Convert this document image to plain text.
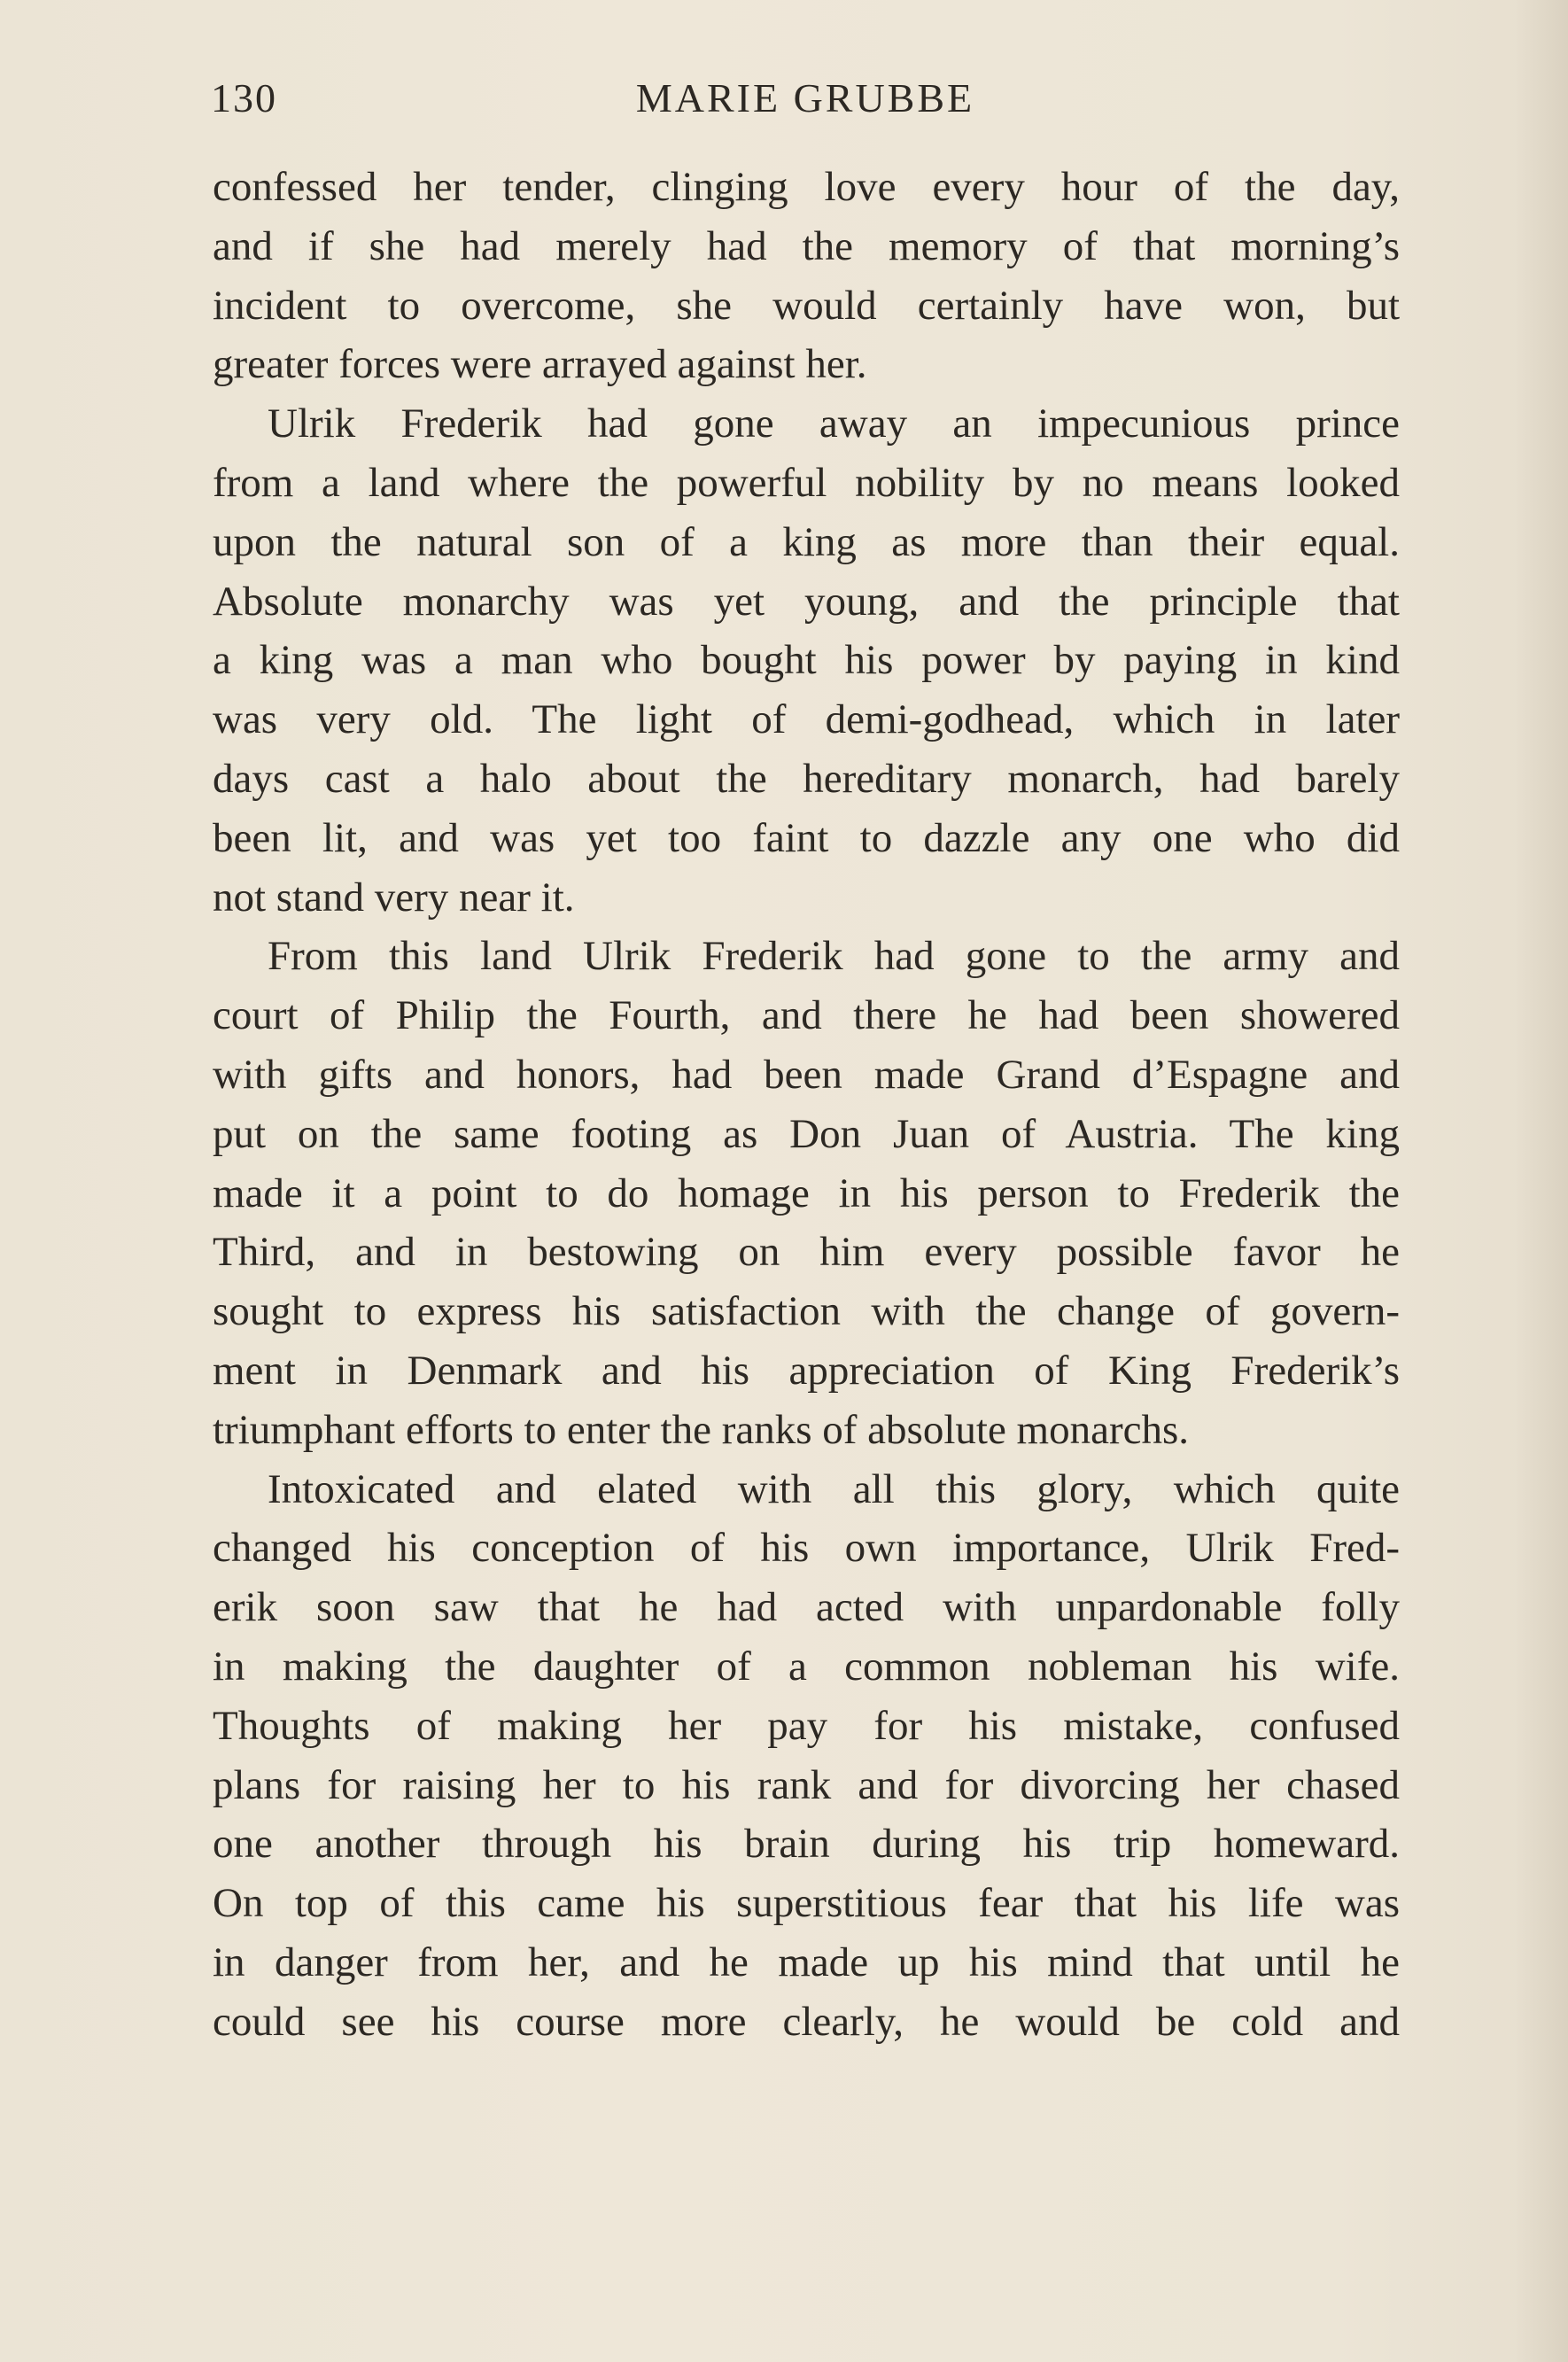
130	MARIE GRUBBE
confessed her tender, clinging love every hour of the day,
and if she had merely had the memory of that morning’s
incident to overcome, she would certainly have won, but
greater forces were arrayed against her.
Ulrik Frederik had gone away an impecunious prince
from a land where the powerful nobility by no means looked
upon the natural son of a king as more than their equal.
Absolute monarchy was yet young, and the principle that
a king was a man who bought his power by paying in kind
was very old. The light of demi-godhead, which in later
days cast a halo about the hereditary monarch, had barely
been lit, and was yet too faint to dazzle any one who did
not stand very near it.
From this land Ulrik Frederik had gone to the army and
court of Philip the Fourth, and there he had been showered
with gifts and honors, had been made Grand d’Espagne and
put on the same footing as Don Juan of Austria. The king
made it a point to do homage in his person to Frederik the
Third, and in bestowing on him every possible favor he
sought to express his satisfaction with the change of govern-
ment in Denmark and his appreciation of King Frederik’s
triumphant efforts to enter the ranks of absolute monarchs.
Intoxicated and elated with all this glory, which quite
changed his conception of his own importance, Ulrik Fred-
erik soon saw that he had acted with unpardonable folly
in making the daughter of a common nobleman his wife.
Thoughts of making her pay for his mistake, confused
plans for raising her to his rank and for divorcing her chased
one another through his brain during his trip homeward.
On top of this came his superstitious fear that his life was
in danger from her, and he made up his mind that until he
could see his course more clearly, he would be cold and
